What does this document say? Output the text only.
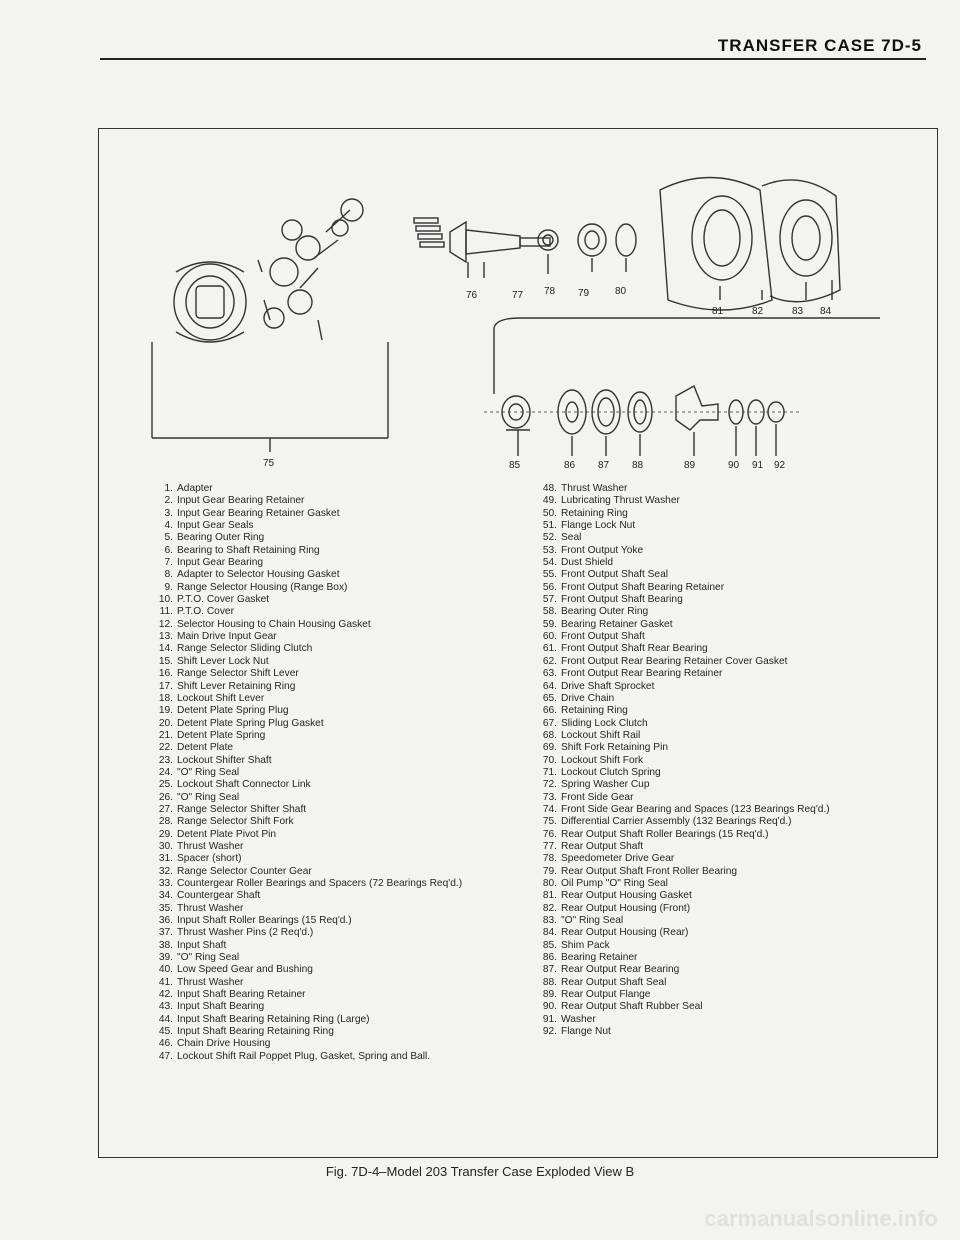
TRANSFER CASE 7D-5
76	77 78 79	80
81	82	83 84
75	85	86 87 88	89	90 91 92
1. Adapter
2. Input Gear Bearing Retainer
3. Input Gear Bearing Retainer Gasket
4. Input Gear Seals
5. Bearing Outer Ring
6. Bearing to Shaft Retaining Ring
7. Input Gear Bearing
8. Adapter to Selector Housing Gasket
9. Range Selector Housing (Range Box)
10. P.T.O. Cover Gasket
11. P.T.O. Cover
12. Selector Housing to Chain Housing Gasket
13. Main Drive Input Gear
14. Range Selector Sliding Clutch
15. Shift Lever Lock Nut
16. Range Selector Shift Lever
17. Shift Lever Retaining Ring
18. Lockout Shift Lever
19. Detent Plate Spring Plug
20. Detent Plate Spring Plug Gasket
21. Detent Plate Spring
22. Detent Plate
23. Lockout Shifter Shaft
24. "O" Ring Seal
25. Lockout Shaft Connector Link
26. "O" Ring Seal
27. Range Selector Shifter Shaft
28. Range Selector Shift Fork
29. Detent Plate Pivot Pin
30. Thrust Washer
31. Spacer (short)
32. Range Selector Counter Gear
33. Countergear Roller Bearings and Spacers (72 Bearings Req'd.)
34. Countergear Shaft
35. Thrust Washer
36. Input Shaft Roller Bearings (15 Req'd.)
37. Thrust Washer Pins (2 Req'd.)
38. Input Shaft
39. "O" Ring Seal
40. Low Speed Gear and Bushing
41. Thrust Washer
42. Input Shaft Bearing Retainer
43. Input Shaft Bearing
44. Input Shaft Bearing Retaining Ring (Large)
45. Input Shaft Bearing Retaining Ring
46. Chain Drive Housing
47. Lockout Shift Rail Poppet Plug, Gasket, Spring and Ball.
48. Thrust Washer
49. Lubricating Thrust Washer
50. Retaining Ring
51. Flange Lock Nut
52. Seal
53. Front Output Yoke
54. Dust Shield
55. Front Output Shaft Seal
56. Front Output Shaft Bearing Retainer
57. Front Output Shaft Bearing
58. Bearing Outer Ring
59. Bearing Retainer Gasket
60. Front Output Shaft
61. Front Output Shaft Rear Bearing
62. Front Output Rear Bearing Retainer Cover Gasket
63. Front Output Rear Bearing Retainer
64. Drive Shaft Sprocket
65. Drive Chain
66. Retaining Ring
67. Sliding Lock Clutch
68. Lockout Shift Rail
69. Shift Fork Retaining Pin
70. Lockout Shift Fork
71. Lockout Clutch Spring
72. Spring Washer Cup
73. Front Side Gear
74. Front Side Gear Bearing and Spaces (123 Bearings Req'd.)
75. Differential Carrier Assembly (132 Bearings Req'd.)
76. Rear Output Shaft Roller Bearings (15 Req'd.)
77. Rear Output Shaft
78. Speedometer Drive Gear
79. Rear Output Shaft Front Roller Bearing
80. Oil Pump "O" Ring Seal
81. Rear Output Housing Gasket
82. Rear Output Housing (Front)
83. "O" Ring Seal
84. Rear Output Housing (Rear)
85. Shim Pack
86. Bearing Retainer
87. Rear Output Rear Bearing
88. Rear Output Shaft Seal
89. Rear Output Flange
90. Rear Output Shaft Rubber Seal
91. Washer
92. Flange Nut
Fig. 7D-4–Model 203 Transfer Case Exploded View B
carmanualsonline.info
